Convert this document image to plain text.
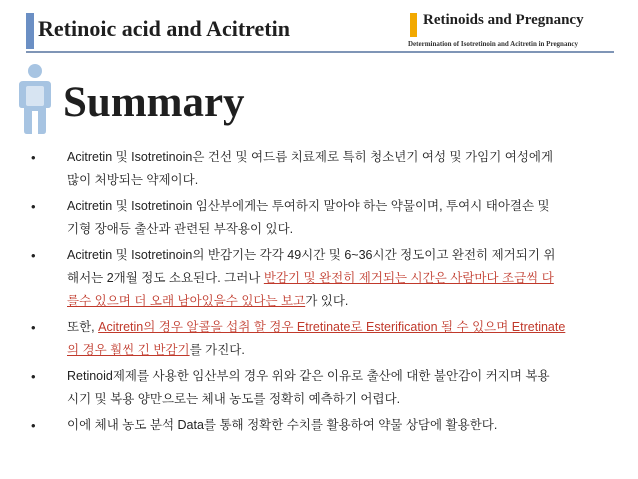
Retinoic acid and Acitretin	Retinoids and Pregnancy
Determination of Isotretinoin and Acitretin in Pregnancy
Summary
•	Acitretin 및 Isotretinoin은 건선 및 여드름 치료제로 특히 청소년기 여성 및 가임기 여성에게
많이 처방되는 약제이다.
•	Acitretin 및 Isotretinoin 임산부에게는 투여하지 말아야 하는 약물이며, 투여시 태아결손 및
기형 장애등 출산과 관련된 부작용이 있다.
•	Acitretin 및 Isotretinoin의 반감기는 각각 49시간 및 6~36시간 정도이고 완전히 제거되기 위
해서는 2개월 정도 소요된다. 그러나 반감기 및 완전히 제거되는 시간은 사람마다 조금씩 다
를수 있으며 더 오래 남아있을수 있다는 보고가 있다.
•	또한, Acitretin의 경우 알콜을 섭취 할 경우 Etretinate로 Esterification 될 수 있으며 Etretinate
의 경우 훨씬 긴 반감기를 가진다.
•	Retinoid제제를 사용한 임산부의 경우 위와 같은 이유로 출산에 대한 불안감이 커지며 복용
시기 및 복용 양만으로는 체내 농도를 정확히 예측하기 어렵다.
•	이에 체내 농도 분석 Data를 통해 정확한 수치를 활용하여 약물 상담에 활용한다.
